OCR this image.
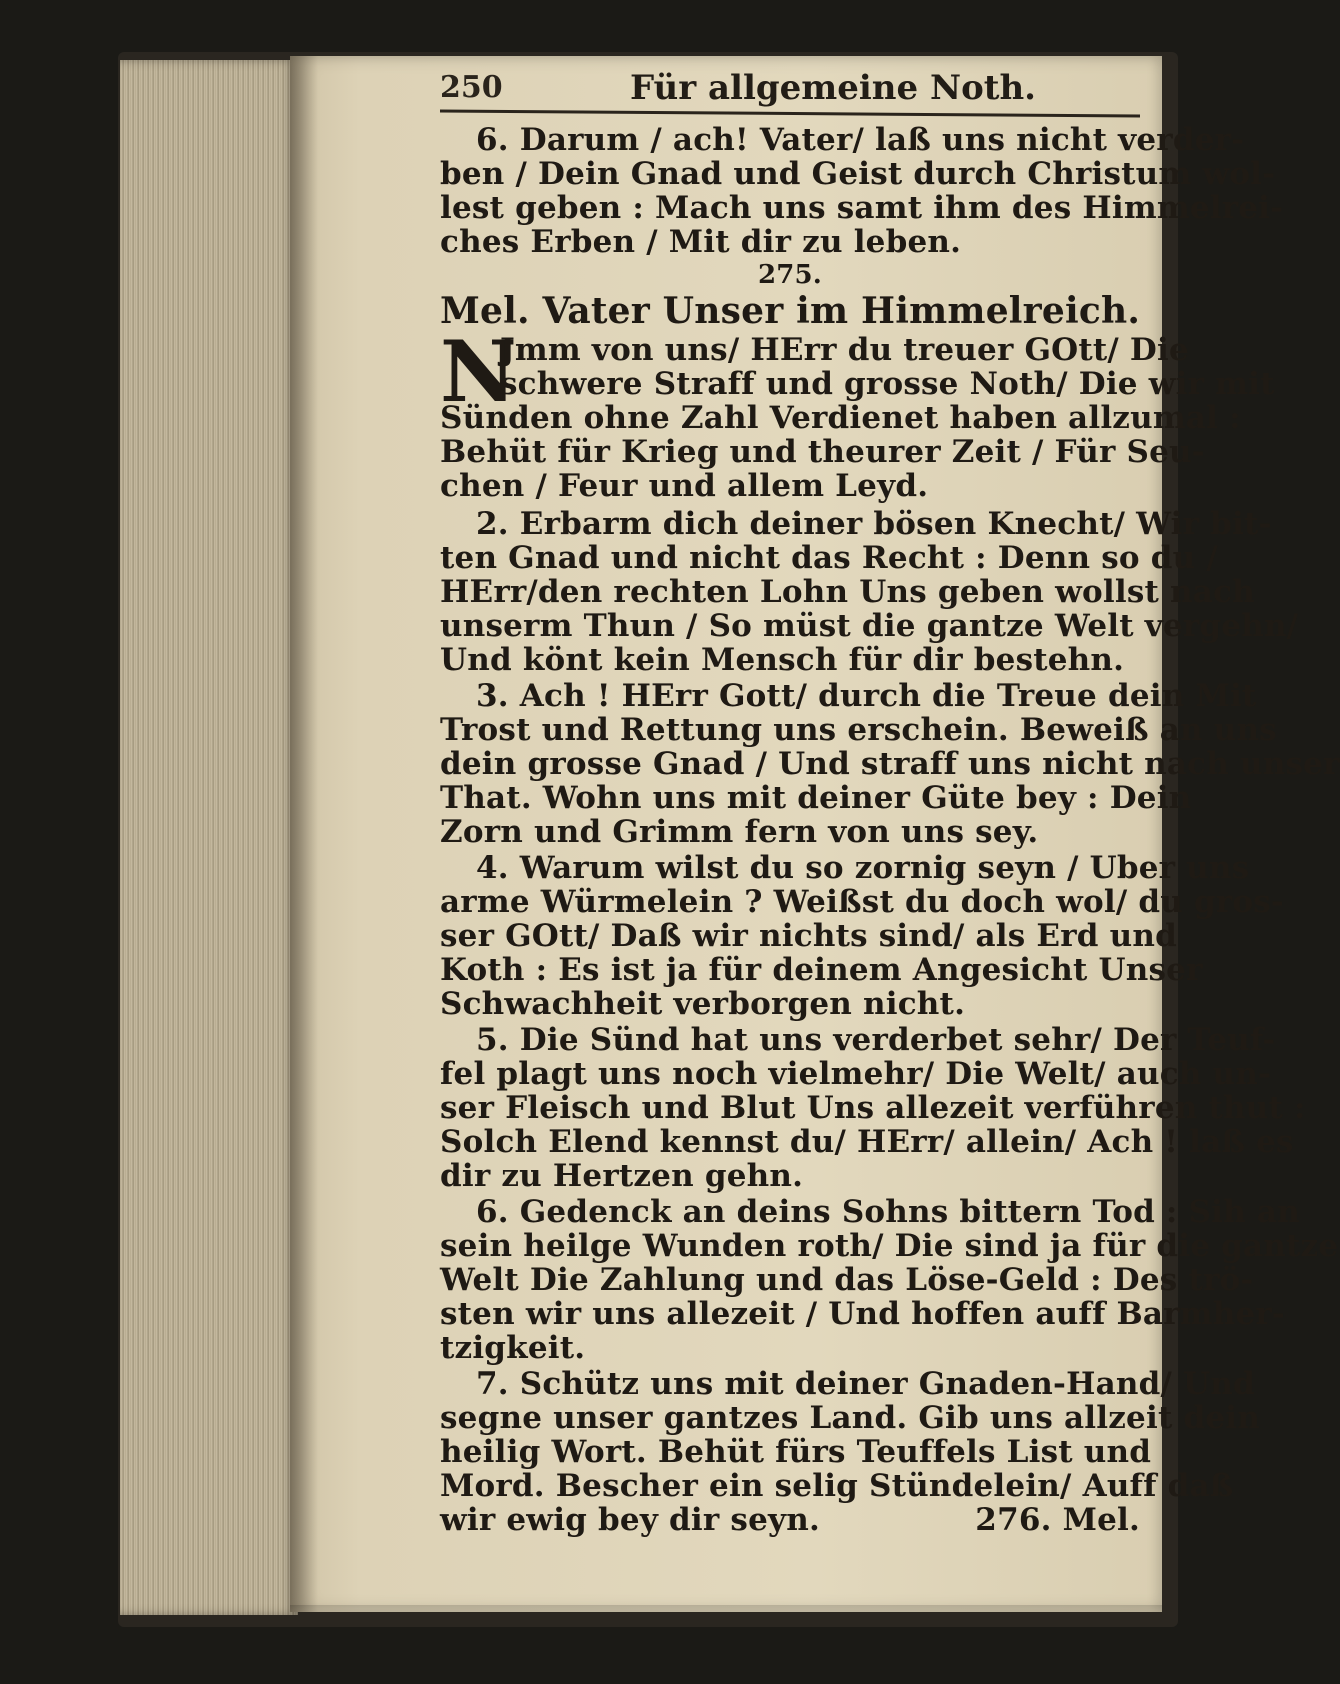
250	Für allgemeine Noth.
N
6. Darum / ach! Vater/ laß uns nicht verder-
ben / Dein Gnad und Geist durch Christum wol-
lest geben : Mach uns samt ihm des Himmelrei-
ches Erben / Mit dir zu leben.
275.
Mel. Vater Unser im Himmelreich.
Jmm von uns/ HErr du treuer GOtt/ Die
schwere Straff und grosse Noth/ Die wir mit
Sünden ohne Zahl Verdienet haben allzumal :
Behüt für Krieg und theurer Zeit / Für Seu-
chen / Feur und allem Leyd.
2. Erbarm dich deiner bösen Knecht/ Wir bit-
ten Gnad und nicht das Recht : Denn so du /
HErr/den rechten Lohn Uns geben wollst nach
unserm Thun / So müst die gantze Welt vergehn/
Und könt kein Mensch für dir bestehn.
3. Ach ! HErr Gott/ durch die Treue dein Mit
Trost und Rettung uns erschein. Beweiß an uns
dein grosse Gnad / Und straff uns nicht nach unser
That. Wohn uns mit deiner Güte bey : Dein
Zorn und Grimm fern von uns sey.
4. Warum wilst du so zornig seyn / Uber uns
arme Würmelein ? Weißst du doch wol/ du gros-
ser GOtt/ Daß wir nichts sind/ als Erd und
Koth : Es ist ja für deinem Angesicht Unser
Schwachheit verborgen nicht.
5. Die Sünd hat uns verderbet sehr/ Der Teuf-
fel plagt uns noch vielmehr/ Die Welt/ auch un-
ser Fleisch und Blut Uns allezeit verführen thut :
Solch Elend kennst du/ HErr/ allein/ Ach ! laß es
dir zu Hertzen gehn.
6. Gedenck an deins Sohns bittern Tod : Sih an
sein heilge Wunden roth/ Die sind ja für die gantze
Welt Die Zahlung und das Löse-Geld : Des trö-
sten wir uns allezeit / Und hoffen auff Barmher-
tzigkeit.
7. Schütz uns mit deiner Gnaden-Hand/ Und
segne unser gantzes Land. Gib uns allzeit dein
heilig Wort. Behüt fürs Teuffels List und
Mord. Bescher ein selig Stündelein/ Auff daß
wir ewig bey dir seyn.	276. Mel.
